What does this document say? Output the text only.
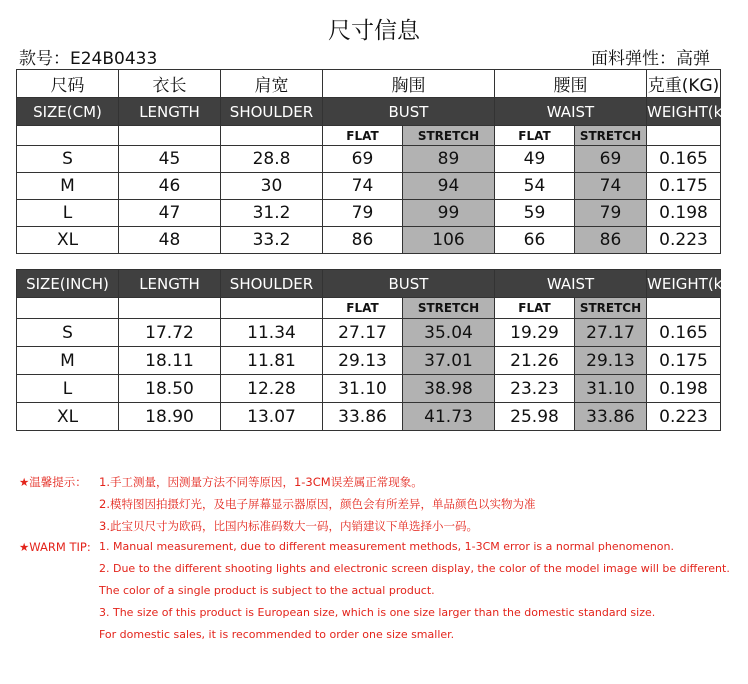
尺寸信息
款号：E24B0433	面料弹性：高弹
尺码	衣长	肩宽	胸围		腰围		克重(KG)
SIZE(CM)	LENGTH	SHOULDER	BUST		WAIST		WEIGHT(kg)
			FLAT	STRETCH	FLAT	STRETCH	
S	45	28.8	69	89	49	69	0.165
M	46	30	74	94	54	74	0.175
L	47	31.2	79	99	59	79	0.198
XL	48	33.2	86	106	66	86	0.223
SIZE(INCH)	LENGTH	SHOULDER	BUST		WAIST		WEIGHT(kg)
			FLAT	STRETCH	FLAT	STRETCH	
S	17.72	11.34	27.17	35.04	19.29	27.17	0.165
M	18.11	11.81	29.13	37.01	21.26	29.13	0.175
L	18.50	12.28	31.10	38.98	23.23	31.10	0.198
XL	18.90	13.07	33.86	41.73	25.98	33.86	0.223
★温馨提示： 1.手工测量，因测量方法不同等原因，1-3CM误差属正常现象。
2.模特图因拍摄灯光，及电子屏幕显示器原因，颜色会有所差异，单品颜色以实物为准
3.此宝贝尺寸为欧码，比国内标准码数大一码，内销建议下单选择小一码。
★WARM TIP: 1. Manual measurement, due to different measurement methods, 1-3CM error is a normal phenomenon.
2. Due to the different shooting lights and electronic screen display, the color of the model image will be different.
The color of a single product is subject to the actual product.
3. The size of this product is European size, which is one size larger than the domestic standard size.
For domestic sales, it is recommended to order one size smaller.
